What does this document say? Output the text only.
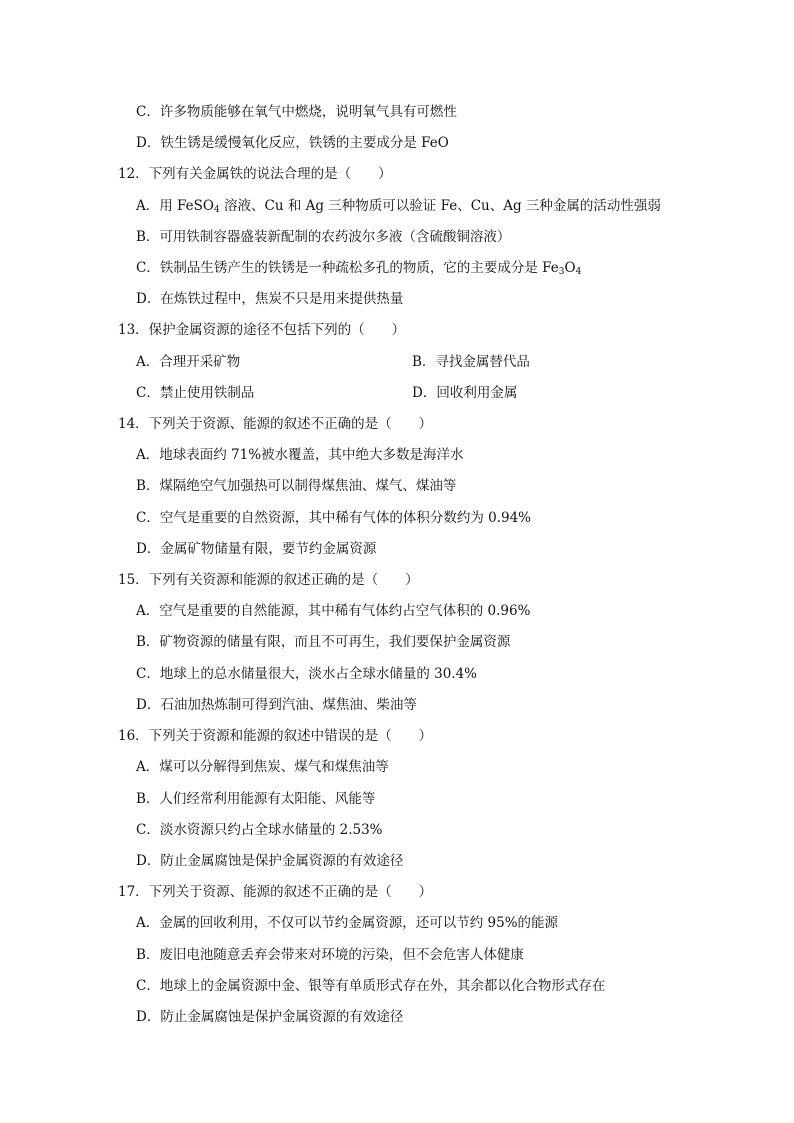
C．许多物质能够在氧气中燃烧，说明氧气具有可燃性
D．铁生锈是缓慢氧化反应，铁锈的主要成分是 FeO
12．下列有关金属铁的说法合理的是（　　）
A．用 FeSO$_4$ 溶液、Cu 和 Ag 三种物质可以验证 Fe、Cu、Ag 三种金属的活动性强弱
B．可用铁制容器盛装新配制的农药波尔多液（含硫酸铜溶液）
C．铁制品生锈产生的铁锈是一种疏松多孔的物质，它的主要成分是 $Fe_3O_4$
D．在炼铁过程中，焦炭不只是用来提供热量
13．保护金属资源的途径不包括下列的（　　）
A．合理开采矿物	B．寻找金属替代品
C．禁止使用铁制品	D．回收利用金属
14．下列关于资源、能源的叙述不正确的是（　　）
A．地球表面约 71%被水覆盖，其中绝大多数是海洋水
B．煤隔绝空气加强热可以制得煤焦油、煤气、煤油等
C．空气是重要的自然资源，其中稀有气体的体积分数约为 0.94%
D．金属矿物储量有限，要节约金属资源
15．下列有关资源和能源的叙述正确的是（　　）
A．空气是重要的自然能源，其中稀有气体约占空气体积的 0.96%
B．矿物资源的储量有限，而且不可再生，我们要保护金属资源
C．地球上的总水储量很大，淡水占全球水储量的 30.4%
D．石油加热炼制可得到汽油、煤焦油、柴油等
16．下列关于资源和能源的叙述中错误的是（　　）
A．煤可以分解得到焦炭、煤气和煤焦油等
B．人们经常利用能源有太阳能、风能等
C．淡水资源只约占全球水储量的 2.53%
D．防止金属腐蚀是保护金属资源的有效途径
17．下列关于资源、能源的叙述不正确的是（　　）
A．金属的回收利用，不仅可以节约金属资源，还可以节约 95%的能源
B．废旧电池随意丢弃会带来对环境的污染，但不会危害人体健康
C．地球上的金属资源中金、银等有单质形式存在外，其余都以化合物形式存在
D．防止金属腐蚀是保护金属资源的有效途径
